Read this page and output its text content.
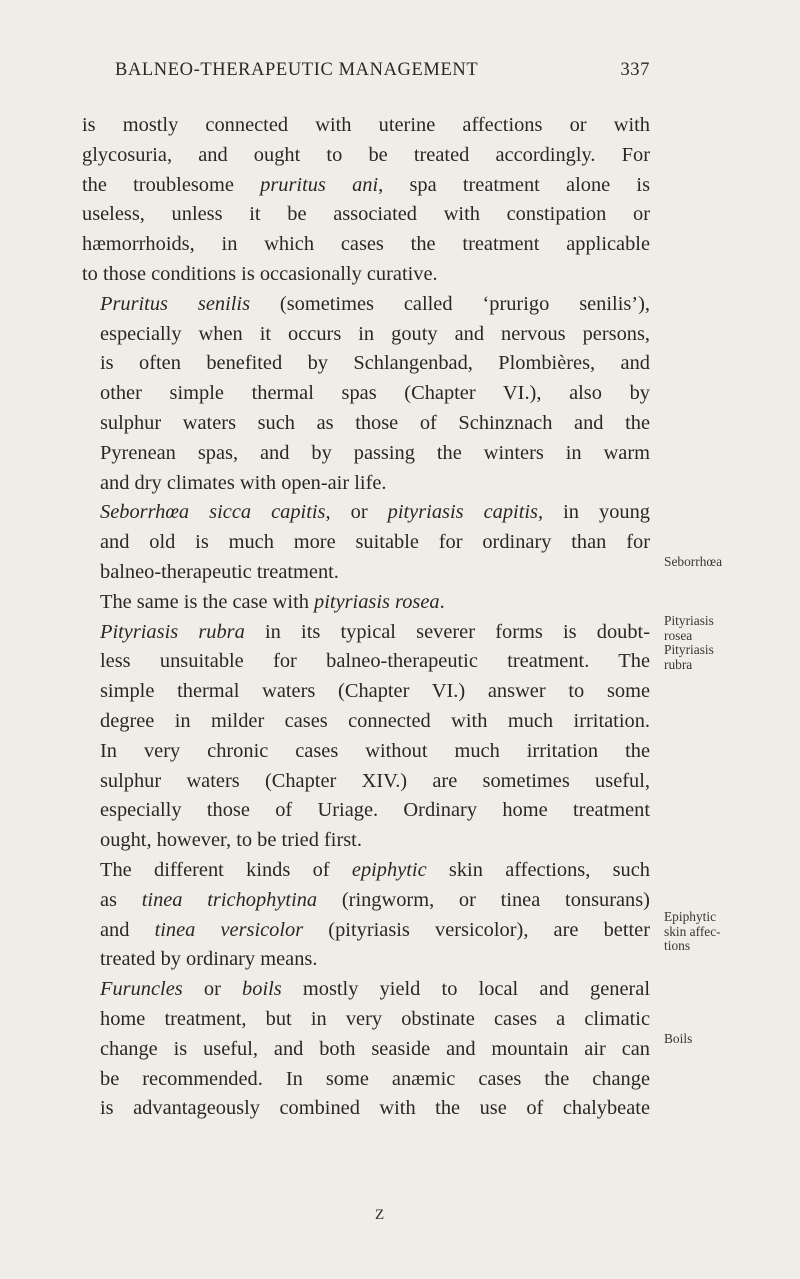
BALNEO-THERAPEUTIC MANAGEMENT	337

is mostly connected with uterine affections or with
glycosuria, and ought to be treated accordingly. For
the troublesome pruritus ani, spa treatment alone is
useless, unless it be associated with constipation or
hæmorrhoids, in which cases the treatment applicable
to those conditions is occasionally curative.

Pruritus senilis (sometimes called ‘prurigo senilis’),
especially when it occurs in gouty and nervous persons,
is often benefited by Schlangenbad, Plombières, and
other simple thermal spas (Chapter VI.), also by
sulphur waters such as those of Schinznach and the
Pyrenean spas, and by passing the winters in warm
and dry climates with open-air life.

Seborrhœa sicca capitis, or pityriasis capitis, in young
and old is much more suitable for ordinary than for
balneo-therapeutic treatment.

The same is the case with pityriasis rosea.

Pityriasis rubra in its typical severer forms is doubt-
less unsuitable for balneo-therapeutic treatment. The
simple thermal waters (Chapter VI.) answer to some
degree in milder cases connected with much irritation.
In very chronic cases without much irritation the
sulphur waters (Chapter XIV.) are sometimes useful,
especially those of Uriage. Ordinary home treatment
ought, however, to be tried first.

The different kinds of epiphytic skin affections, such
as tinea trichophytina (ringworm, or tinea tonsurans)
and tinea versicolor (pityriasis versicolor), are better
treated by ordinary means.

Furuncles or boils mostly yield to local and general
home treatment, but in very obstinate cases a climatic
change is useful, and both seaside and mountain air can
be recommended. In some anæmic cases the change
is advantageously combined with the use of chalybeate

Seborrhœa
Pityriasis
rosea
Pityriasis
rubra
Epiphytic
skin affec-
tions
Boils
Z
